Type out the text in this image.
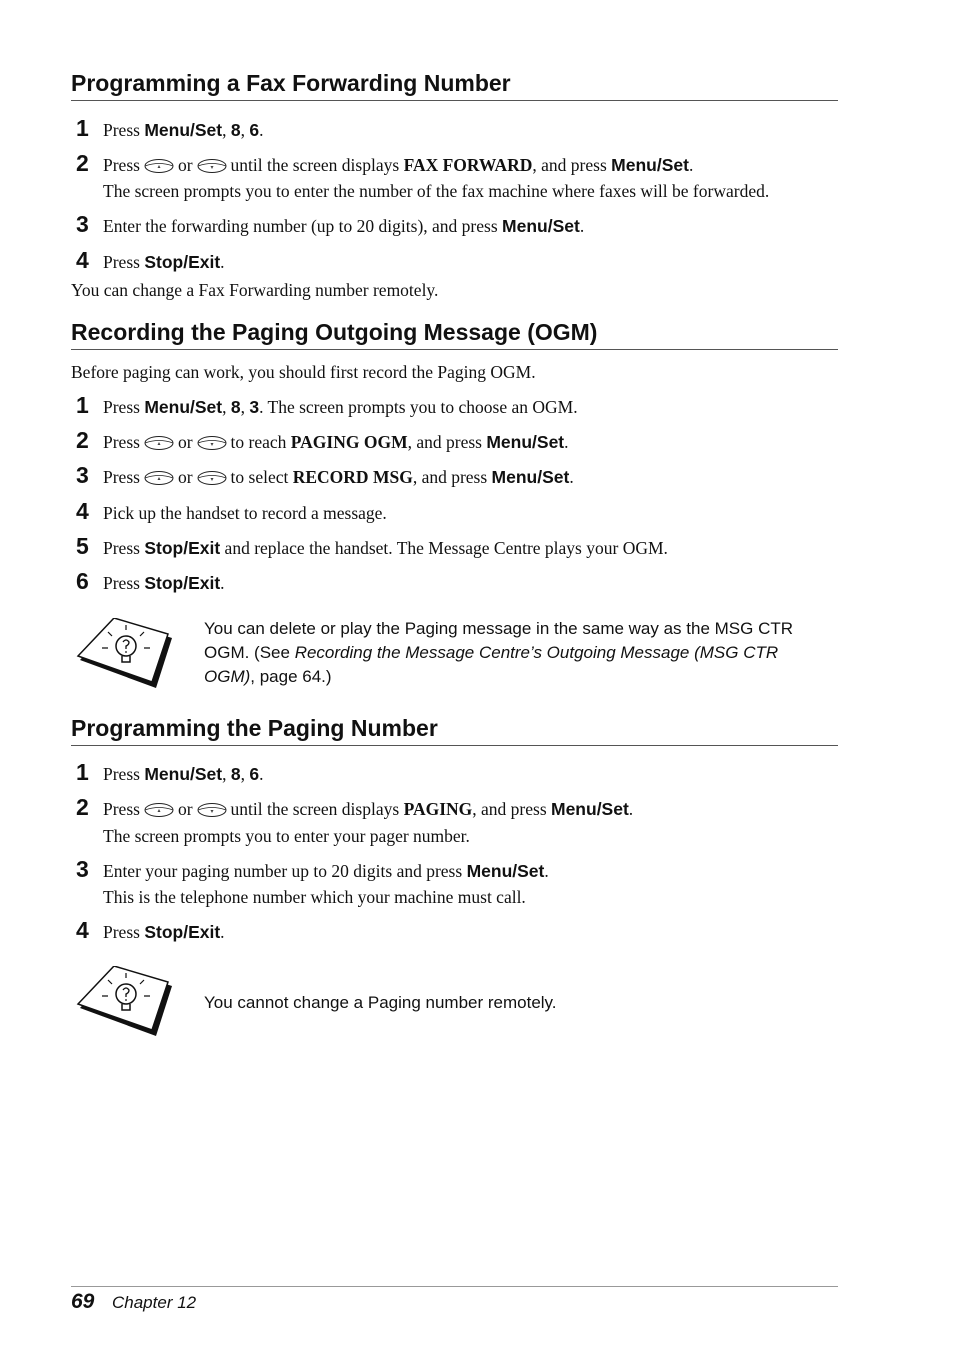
Programming a Fax Forwarding Number
1 Press Menu/Set, 8, 6.
2 Press or until the screen displays FAX FORWARD, and press Menu/Set.
The screen prompts you to enter the number of the fax machine where faxes will be forwarded.
3 Enter the forwarding number (up to 20 digits), and press Menu/Set.
4 Press Stop/Exit.
You can change a Fax Forwarding number remotely.
Recording the Paging Outgoing Message (OGM)
Before paging can work, you should first record the Paging OGM.
1 Press Menu/Set, 8, 3. The screen prompts you to choose an OGM.
2 Press or to reach PAGING OGM, and press Menu/Set.
3 Press or to select RECORD MSG, and press Menu/Set.
4 Pick up the handset to record a message.
5 Press Stop/Exit and replace the handset. The Message Centre plays your OGM.
6 Press Stop/Exit.
You can delete or play the Paging message in the same way as the MSG CTR OGM. (See Recording the Message Centre’s Outgoing Message (MSG CTR OGM), page 64.)
Programming the Paging Number
1 Press Menu/Set, 8, 6.
2 Press or until the screen displays PAGING, and press Menu/Set.
The screen prompts you to enter your pager number.
3 Enter your paging number up to 20 digits and press Menu/Set.
This is the telephone number which your machine must call.
4 Press Stop/Exit.
You cannot change a Paging number remotely.
69 Chapter 12
